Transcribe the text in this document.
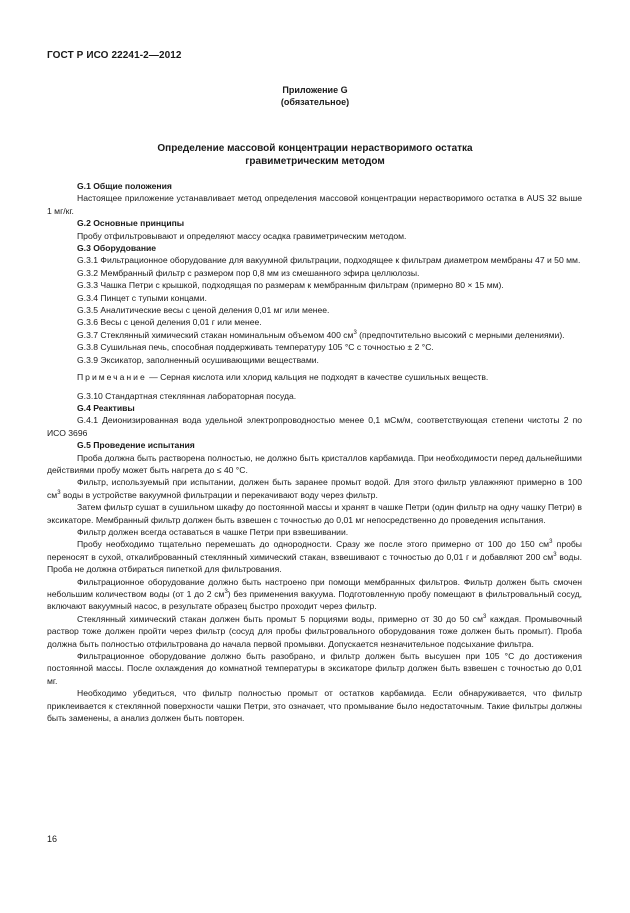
ГОСТ Р ИСО 22241-2—2012
Приложение G
(обязательное)
Определение массовой концентрации нерастворимого остатка
гравиметрическим методом

G.1 Общие положения

Настоящее приложение устанавливает метод определения массовой концентрации нерастворимого остатка в AUS 32 выше 1 мг/кг.

G.2 Основные принципы

Пробу отфильтровывают и определяют массу осадка гравиметрическим методом.

G.3 Оборудование

G.3.1 Фильтрационное оборудование для вакуумной фильтрации, подходящее к фильтрам диаметром мембраны 47 и 50 мм.

G.3.2 Мембранный фильтр с размером пор 0,8 мм из смешанного эфира целлюлозы.

G.3.3 Чашка Петри с крышкой, подходящая по размерам к мембранным фильтрам (примерно 80 × 15 мм).

G.3.4 Пинцет с тупыми концами.

G.3.5 Аналитические весы с ценой деления 0,01 мг или менее.

G.3.6 Весы с ценой деления 0,01 г или менее.

G.3.7 Стеклянный химический стакан номинальным объемом 400 $см^3$ (предпочтительно высокий с мерными делениями).

G.3.8 Сушильная печь, способная поддерживать температуру 105 °С с точностью ± 2 °С.

G.3.9 Эксикатор, заполненный осушивающими веществами.

Примечание — Серная кислота или хлорид кальция не подходят в качестве сушильных веществ.

G.3.10 Стандартная стеклянная лабораторная посуда.

G.4 Реактивы

G.4.1 Деионизированная вода удельной электропроводностью менее 0,1 мСм/м, соответствующая степени чистоты 2 по ИСО 3696

G.5 Проведение испытания

Проба должна быть растворена полностью, не должно быть кристаллов карбамида. При необходимости перед дальнейшими действиями пробу может быть нагрета до ≤ 40 °С.

Фильтр, используемый при испытании, должен быть заранее промыт водой. Для этого фильтр увлажняют примерно в 100 $см^3$ воды в устройстве вакуумной фильтрации и перекачивают воду через фильтр.

Затем фильтр сушат в сушильном шкафу до постоянной массы и хранят в чашке Петри (один фильтр на одну чашку Петри) в эксикаторе. Мембранный фильтр должен быть взвешен с точностью до 0,01 мг непосредственно до проведения испытания.

Фильтр должен всегда оставаться в чашке Петри при взвешивании.

Пробу необходимо тщательно перемешать до однородности. Сразу же после этого примерно от 100 до 150 $см^3$ пробы переносят в сухой, откалиброванный стеклянный химический стакан, взвешивают с точностью до 0,01 г и добавляют 200 $см^3$ воды. Проба не должна отбираться пипеткой для фильтрования.

Фильтрационное оборудование должно быть настроено при помощи мембранных фильтров. Фильтр должен быть смочен небольшим количеством воды (от 1 до 2 $см^3$) без применения вакуума. Подготовленную пробу помещают в фильтровальный сосуд, включают вакуумный насос, в результате образец быстро проходит через фильтр.

Стеклянный химический стакан должен быть промыт 5 порциями воды, примерно от 30 до 50 $см^3$ каждая. Промывочный раствор тоже должен пройти через фильтр (сосуд для пробы фильтровального оборудования тоже должен быть промыт). Проба должна быть полностью отфильтрована до начала первой промывки. Допускается незначительное подсыхание фильтра.

Фильтрационное оборудование должно быть разобрано, и фильтр должен быть высушен при 105 °С до достижения постоянной массы. После охлаждения до комнатной температуры в эксикаторе фильтр должен быть взвешен с точностью до 0,01 мг.

Необходимо убедиться, что фильтр полностью промыт от остатков карбамида. Если обнаруживается, что фильтр приклеивается к стеклянной поверхности чашки Петри, это означает, что промывание было недостаточным. Такие фильтры должны быть заменены, а анализ должен быть повторен.

16
